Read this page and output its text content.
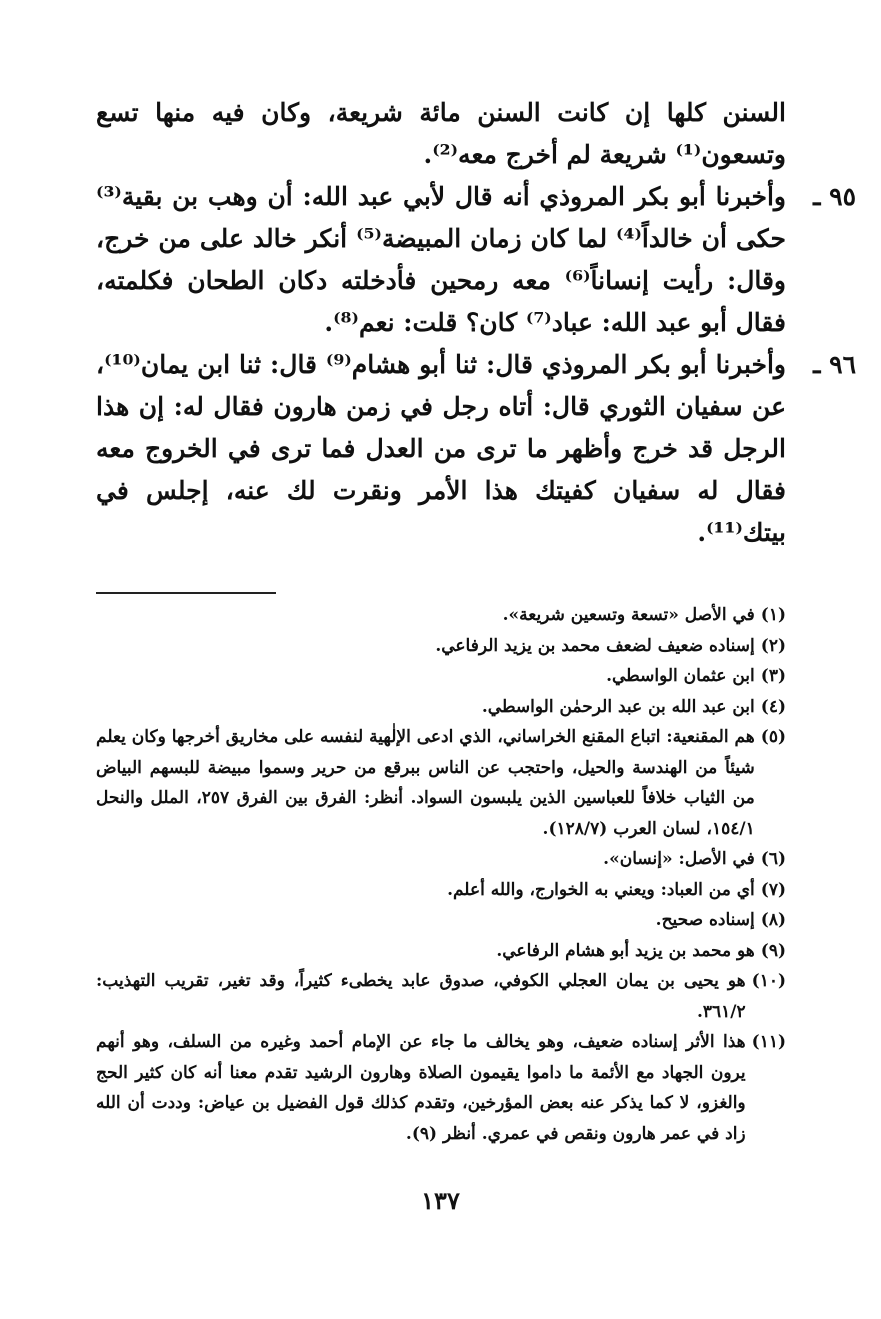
السنن كلها إن كانت السنن مائة شريعة، وكان فيه منها تسع وتسعون⁽¹⁾ شريعة لم أخرج معه⁽²⁾.

٩٥ ـ
وأخبرنا أبو بكر المروذي أنه قال لأبي عبد الله: أن وهب بن بقية⁽³⁾ حكى أن خالداً⁽⁴⁾ لما كان زمان المبيضة⁽⁵⁾ أنكر خالد على من خرج، وقال: رأيت إنساناً⁽⁶⁾ معه رمحين فأدخلته دكان الطحان فكلمته، فقال أبو عبد الله: عباد⁽⁷⁾ كان؟ قلت: نعم⁽⁸⁾.

٩٦ ـ
وأخبرنا أبو بكر المروذي قال: ثنا أبو هشام⁽⁹⁾ قال: ثنا ابن يمان⁽¹⁰⁾، عن سفيان الثوري قال: أتاه رجل في زمن هارون فقال له: إن هذا الرجل قد خرج وأظهر ما ترى من العدل فما ترى في الخروج معه فقال له سفيان كفيتك هذا الأمر ونقرت لك عنه، إجلس في بيتك⁽¹¹⁾.

(١)
في الأصل «تسعة وتسعين شريعة».

(٢)
إسناده ضعيف لضعف محمد بن يزيد الرفاعي.

(٣)
ابن عثمان الواسطي.

(٤)
ابن عبد الله بن عبد الرحمٰن الواسطي.

(٥)
هم المقنعية: اتباع المقنع الخراساني، الذي ادعى الإلٰهية لنفسه على مخاريق أخرجها وكان يعلم شيئاً من الهندسة والحيل، واحتجب عن الناس ببرقع من حرير وسموا مبيضة للبسهم البياض من الثياب خلافاً للعباسين الذين يلبسون السواد. أنظر: الفرق بين الفرق ٢٥٧، الملل والنحل ١٥٤/١، لسان العرب (١٢٨/٧).

(٦)
في الأصل: «إنسان».

(٧)
أي من العباد: ويعني به الخوارج، والله أعلم.

(٨)
إسناده صحيح.

(٩)
هو محمد بن يزيد أبو هشام الرفاعي.

(١٠)
هو يحيى بن يمان العجلي الكوفي، صدوق عابد يخطىء كثيراً، وقد تغير، تقريب التهذيب: ٣٦١/٢.

(١١)
هذا الأثر إسناده ضعيف، وهو يخالف ما جاء عن الإمام أحمد وغيره من السلف، وهو أنهم يرون الجهاد مع الأئمة ما داموا يقيمون الصلاة وهارون الرشيد تقدم معنا أنه كان كثير الحج والغزو، لا كما يذكر عنه بعض المؤرخين، وتقدم كذلك قول الفضيل بن عياض: وددت أن الله زاد في عمر هارون ونقص في عمري. أنظر (٩).

١٣٧
